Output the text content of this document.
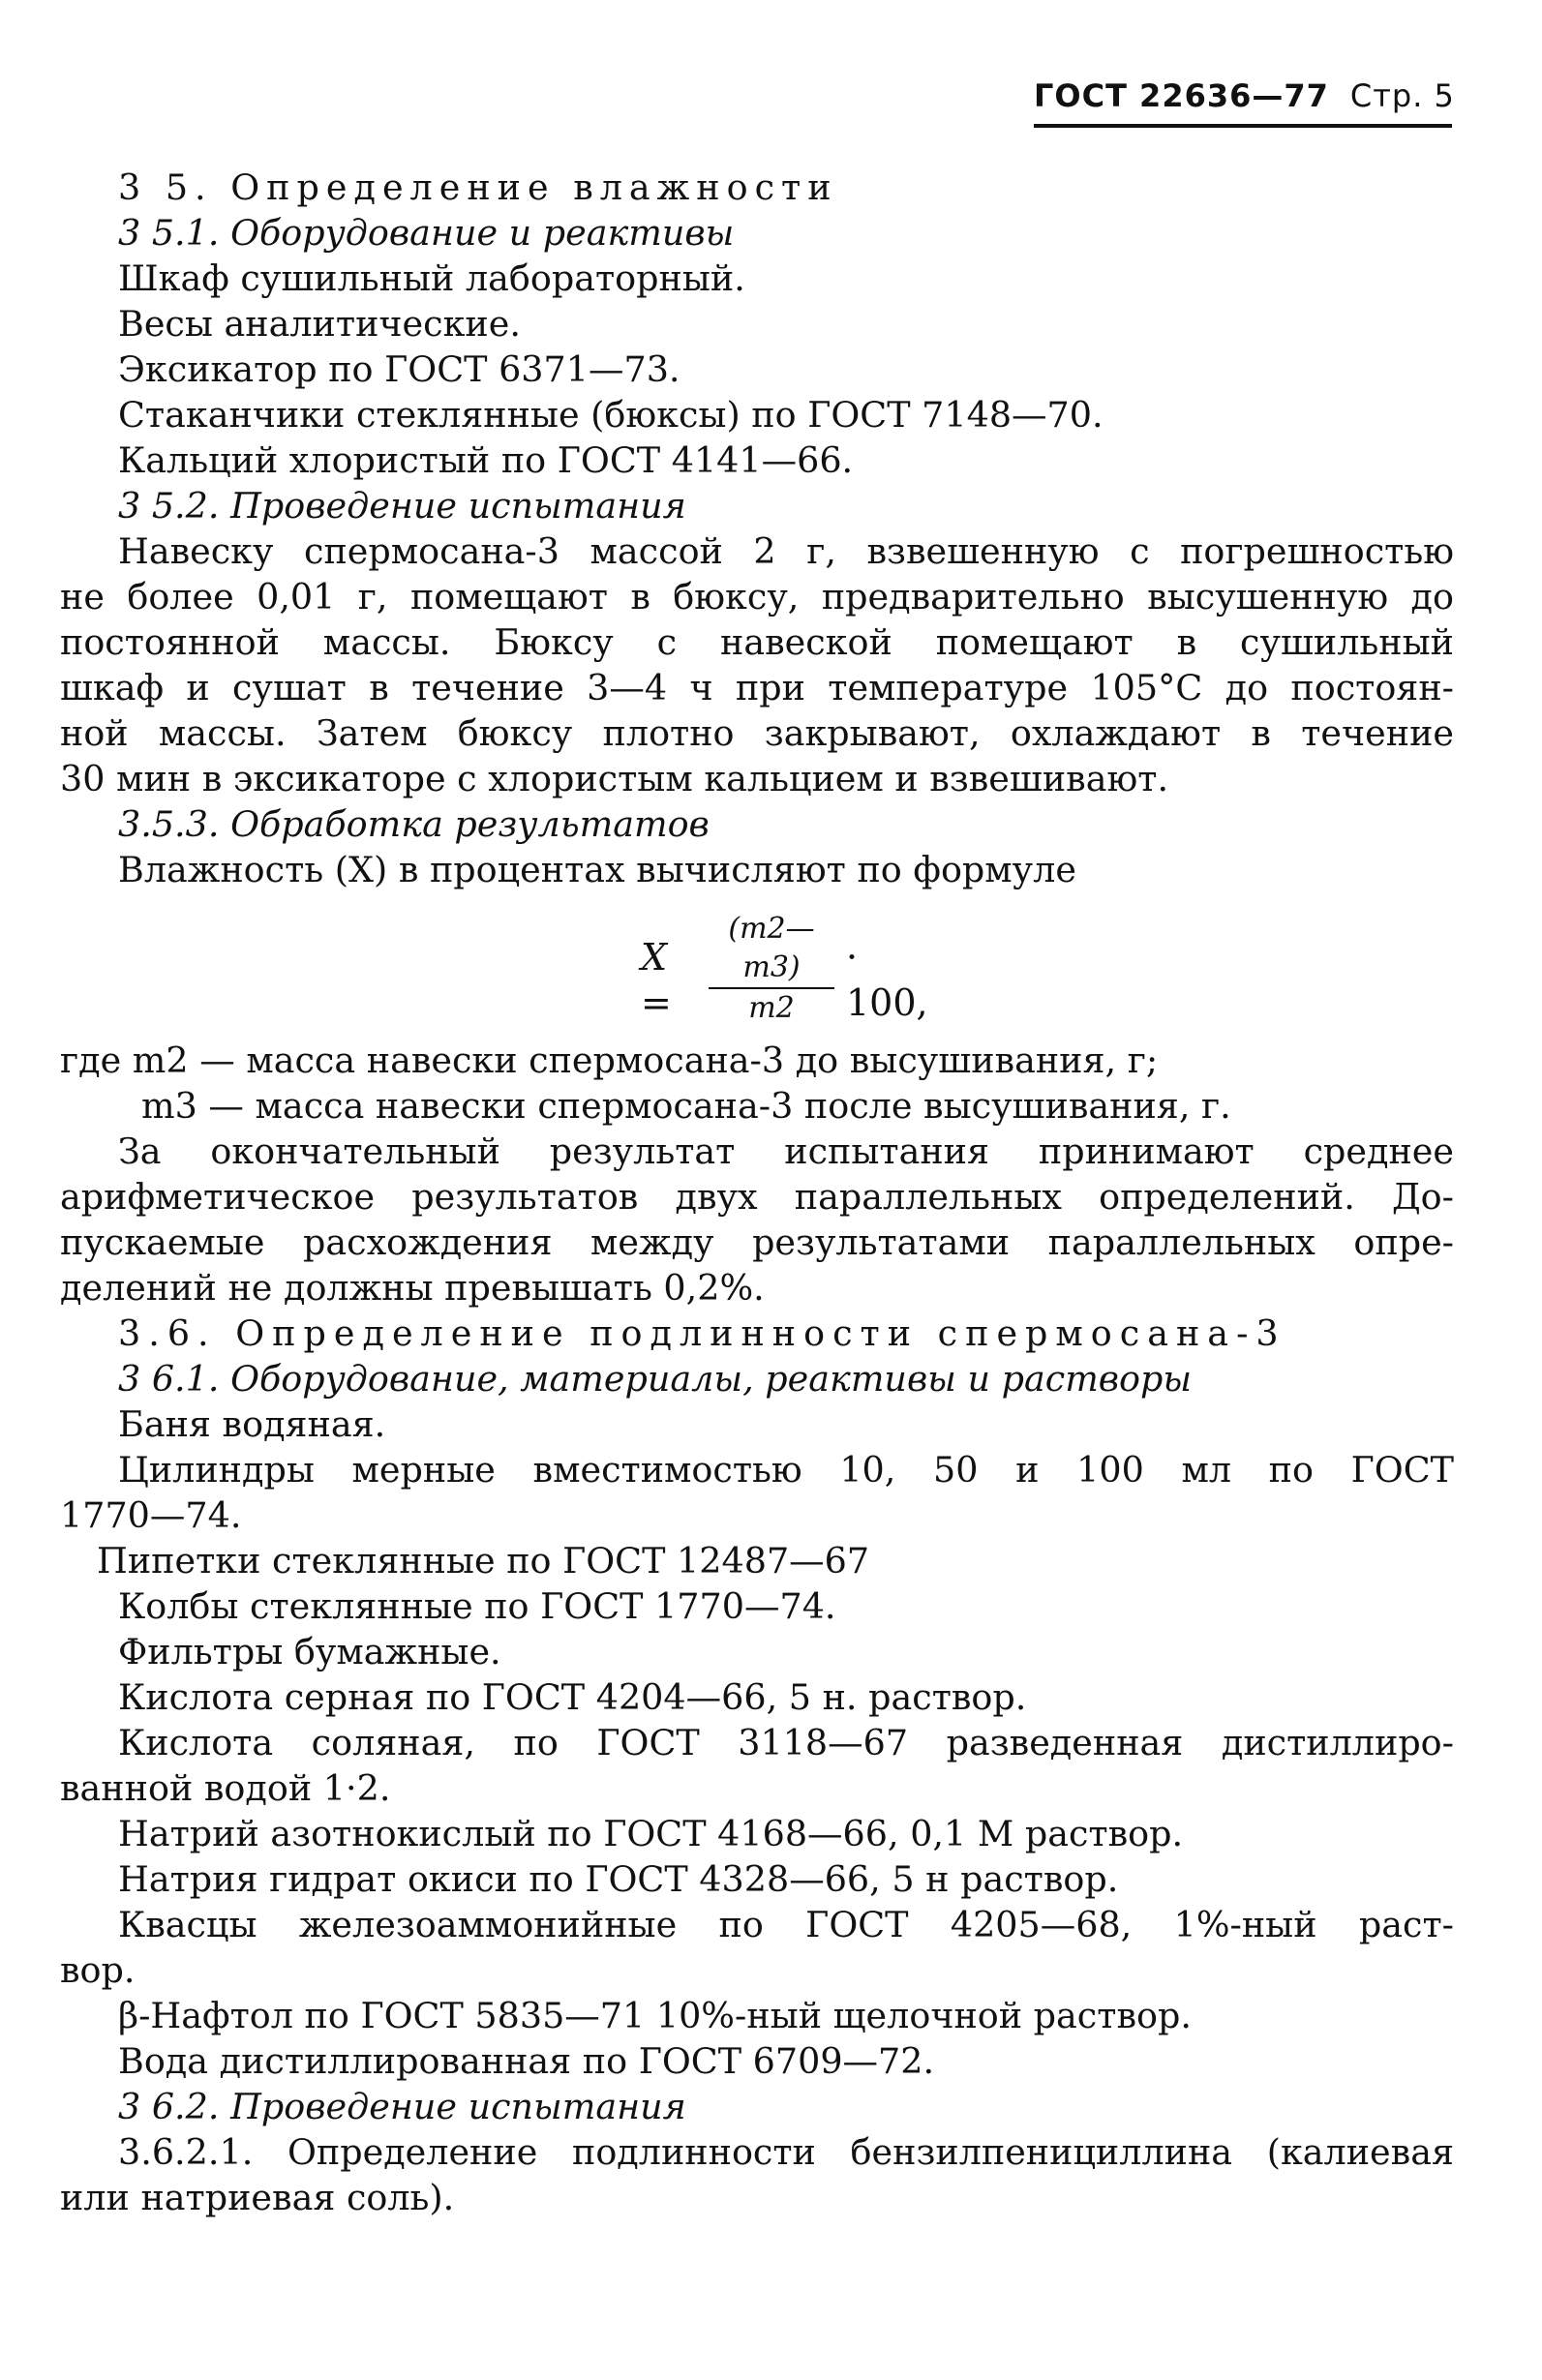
ГОСТ 22636—77 Стр. 5
3 5. Определение влажности
3 5.1. Оборудование и реактивы
Шкаф сушильный лабораторный.
Весы аналитические.
Эксикатор по ГОСТ 6371—73.
Стаканчики стеклянные (бюксы) по ГОСТ 7148—70.
Кальций хлористый по ГОСТ 4141—66.
3 5.2. Проведение испытания
Навеску спермосана-3 массой 2 г, взвешенную с погрешностью
не более 0,01 г, помещают в бюксу, предварительно высушенную до
постоянной массы. Бюксу с навеской помещают в сушильный
шкаф и сушат в течение 3—4 ч при температуре 105°С до постоян-
ной массы. Затем бюксу плотно закрывают, охлаждают в течение
30 мин в эксикаторе с хлористым кальцием и взвешивают.
3.5.3. Обработка результатов
Влажность (X) в процентах вычисляют по формуле
$X = \frac{(m2—m3)}{m2} \cdot 100$,
где m2 — масса навески спермосана-3 до высушивания, г;
m3 — масса навески спермосана-3 после высушивания, г.
За окончательный результат испытания принимают среднее
арифметическое результатов двух параллельных определений. До-
пускаемые расхождения между результатами параллельных опре-
делений не должны превышать 0,2%.
3.6. Определение подлинности спермосана-3
3 6.1. Оборудование, материалы, реактивы и растворы
Баня водяная.
Цилиндры мерные вместимостью 10, 50 и 100 мл по ГОСТ
1770—74.
Пипетки стеклянные по ГОСТ 12487—67
Колбы стеклянные по ГОСТ 1770—74.
Фильтры бумажные.
Кислота серная по ГОСТ 4204—66, 5 н. раствор.
Кислота соляная, по ГОСТ 3118—67 разведенная дистиллиро-
ванной водой 1·2.
Натрий азотнокислый по ГОСТ 4168—66, 0,1 М раствор.
Натрия гидрат окиси по ГОСТ 4328—66, 5 н раствор.
Квасцы железоаммонийные по ГОСТ 4205—68, 1%-ный раст-
вор.
β-Нафтол по ГОСТ 5835—71 10%-ный щелочной раствор.
Вода дистиллированная по ГОСТ 6709—72.
3 6.2. Проведение испытания
3.6.2.1. Определение подлинности бензилпенициллина (калиевая
или натриевая соль).
